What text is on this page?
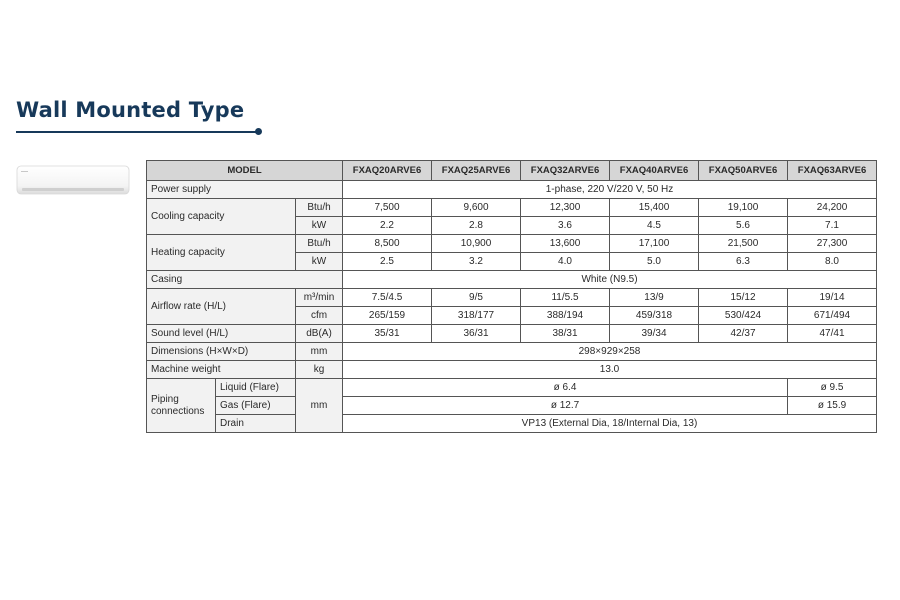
Wall Mounted Type
MODEL			FXAQ20ARVE6	FXAQ25ARVE6	FXAQ32ARVE6	FXAQ40ARVE6	FXAQ50ARVE6	FXAQ63ARVE6
Power supply			1-phase, 220 V/220 V, 50 Hz					
Cooling capacity		Btu/h	7,500	9,600	12,300	15,400	19,100	24,200
		kW	2.2	2.8	3.6	4.5	5.6	7.1
Heating capacity		Btu/h	8,500	10,900	13,600	17,100	21,500	27,300
		kW	2.5	3.2	4.0	5.0	6.3	8.0
Casing			White (N9.5)					
Airflow rate (H/L)		m³/min	7.5/4.5	9/5	11/5.5	13/9	15/12	19/14
		cfm	265/159	318/177	388/194	459/318	530/424	671/494
Sound level (H/L)		dB(A)	35/31	36/31	38/31	39/34	42/37	47/41
Dimensions (H×W×D)		mm	298×929×258					
Machine weight		kg	13.0					
Piping
connections	Liquid (Flare)	mm	ø 6.4					ø 9.5
	Gas (Flare)		ø 12.7					ø 15.9
	Drain		VP13 (External Dia, 18/Internal Dia, 13)					
